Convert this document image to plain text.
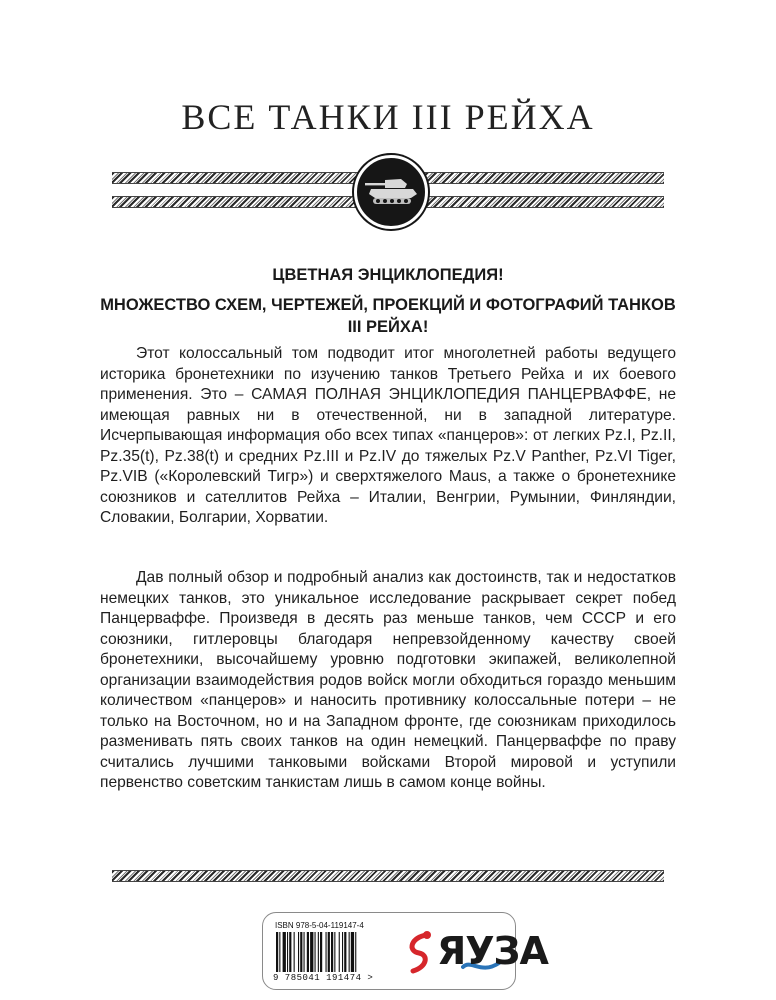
ВСЕ ТАНКИ III РЕЙХА

ЦВЕТНАЯ ЭНЦИКЛОПЕДИЯ!

МНОЖЕСТВО СХЕМ, ЧЕРТЕЖЕЙ, ПРОЕКЦИЙ И ФОТОГРАФИЙ ТАНКОВ III РЕЙХА!

Этот колоссальный том подводит итог многолетней работы ведущего историка бронетехники по изучению танков Третьего Рейха и их боевого применения. Это – САМАЯ ПОЛНАЯ ЭНЦИКЛОПЕДИЯ ПАНЦЕРВАФФЕ, не имеющая равных ни в отечественной, ни в западной литературе. Исчерпывающая информация обо всех типах «панцеров»: от легких Pz.I, Pz.II, Pz.35(t), Pz.38(t) и средних Pz.III и Pz.IV до тяжелых Pz.V Panther, Pz.VI Tiger, Pz.VIB («Королевский Тигр») и сверхтяжелого Maus, а также о бронетехнике союзников и сателлитов Рейха – Италии, Венгрии, Румынии, Финляндии, Словакии, Болгарии, Хорватии.

Дав полный обзор и подробный анализ как достоинств, так и недостатков немецких танков, это уникальное исследование раскрывает секрет побед Панцерваффе. Произведя в десять раз меньше танков, чем СССР и его союзники, гитлеровцы благодаря непревзойденному качеству своей бронетехники, высочайшему уровню подготовки экипажей, великолепной организации взаимодействия родов войск могли обходиться гораздо меньшим количеством «панцеров» и наносить противнику колоссальные потери – не только на Восточном, но и на Западном фронте, где союзникам приходилось разменивать пять своих танков на один немецкий. Панцерваффе по праву считались лучшими танковыми войсками Второй мировой и уступили первенство советским танкистам лишь в самом конце войны.

ISBN 978-5-04-119147-4
9 785041 191474 >
ЯУЗА
